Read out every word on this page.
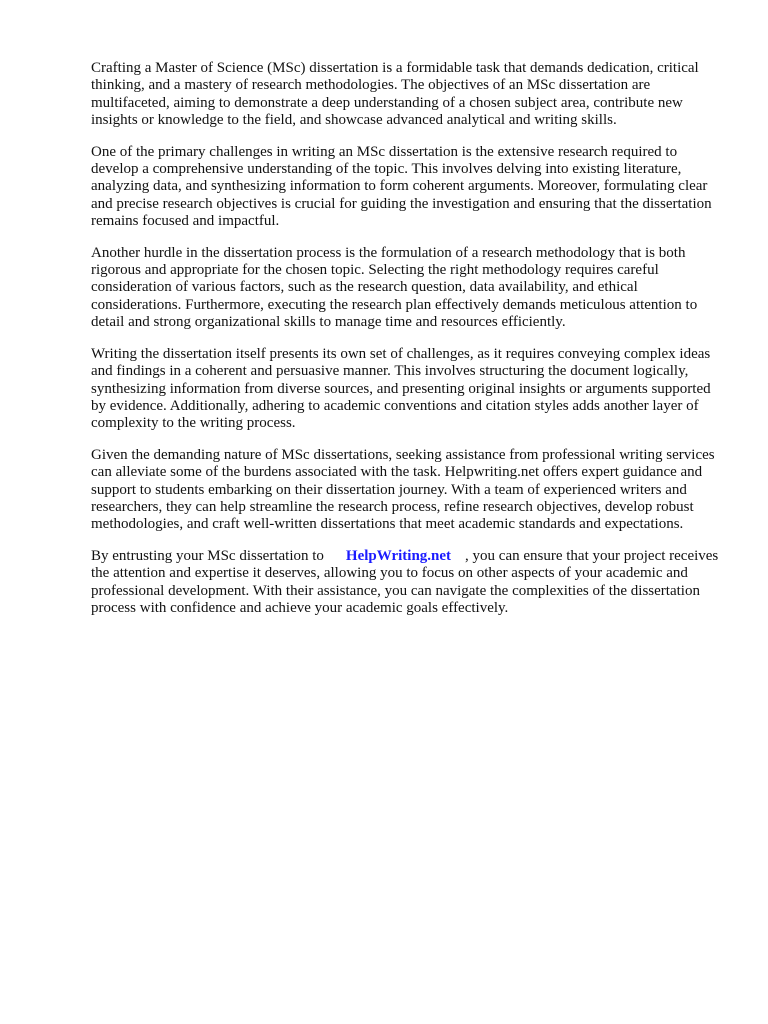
Crafting a Master of Science (MSc) dissertation is a formidable task that demands dedication, critical thinking, and a mastery of research methodologies. The objectives of an MSc dissertation are multifaceted, aiming to demonstrate a deep understanding of a chosen subject area, contribute new insights or knowledge to the field, and showcase advanced analytical and writing skills.

One of the primary challenges in writing an MSc dissertation is the extensive research required to develop a comprehensive understanding of the topic. This involves delving into existing literature, analyzing data, and synthesizing information to form coherent arguments. Moreover, formulating clear and precise research objectives is crucial for guiding the investigation and ensuring that the dissertation remains focused and impactful.

Another hurdle in the dissertation process is the formulation of a research methodology that is both rigorous and appropriate for the chosen topic. Selecting the right methodology requires careful consideration of various factors, such as the research question, data availability, and ethical considerations. Furthermore, executing the research plan effectively demands meticulous attention to detail and strong organizational skills to manage time and resources efficiently.

Writing the dissertation itself presents its own set of challenges, as it requires conveying complex ideas and findings in a coherent and persuasive manner. This involves structuring the document logically, synthesizing information from diverse sources, and presenting original insights or arguments supported by evidence. Additionally, adhering to academic conventions and citation styles adds another layer of complexity to the writing process.

Given the demanding nature of MSc dissertations, seeking assistance from professional writing services can alleviate some of the burdens associated with the task. Helpwriting.net offers expert guidance and support to students embarking on their dissertation journey. With a team of experienced writers and researchers, they can help streamline the research process, refine research objectives, develop robust methodologies, and craft well-written dissertations that meet academic standards and expectations.

By entrusting your MSc dissertation to HelpWriting.net , you can ensure that your project receives the attention and expertise it deserves, allowing you to focus on other aspects of your academic and professional development. With their assistance, you can navigate the complexities of the dissertation process with confidence and achieve your academic goals effectively.
